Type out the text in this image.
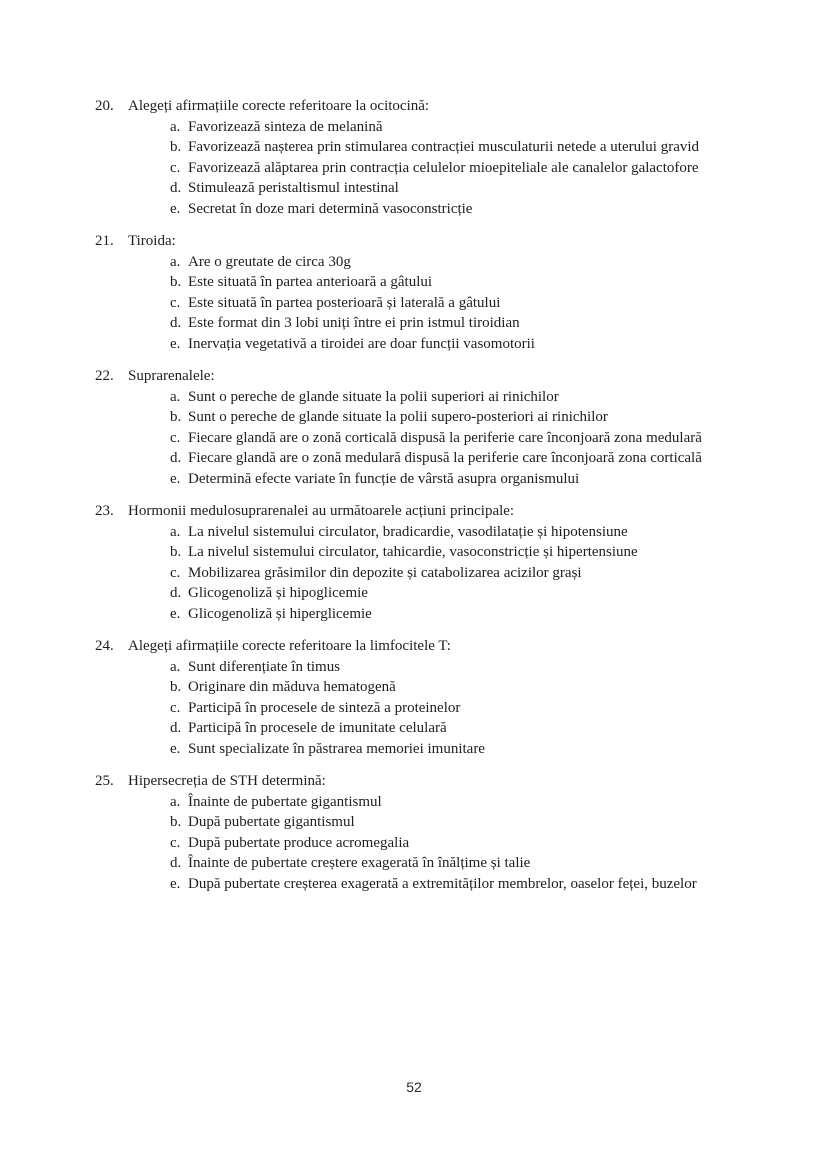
20. Alegeți afirmațiile corecte referitoare la ocitocină:
a. Favorizează sinteza de melanină
b. Favorizează nașterea prin stimularea contracției musculaturii netede a uterului gravid
c. Favorizează alăptarea prin contracția celulelor mioepiteliale ale canalelor galactofore
d. Stimulează peristaltismul intestinal
e. Secretat în doze mari determină vasoconstricție
21. Tiroida:
a. Are o greutate de circa 30g
b. Este situată în partea anterioară a gâtului
c. Este situată în partea posterioară și laterală a gâtului
d. Este format din 3 lobi uniți între ei prin istmul tiroidian
e. Inervația vegetativă a tiroidei are doar funcții vasomotorii
22. Suprarenalele:
a. Sunt o pereche de glande situate la polii superiori ai rinichilor
b. Sunt o pereche de glande situate la polii supero-posteriori ai rinichilor
c. Fiecare glandă are o zonă corticală dispusă la periferie care înconjoară zona medulară
d. Fiecare glandă are o zonă medulară dispusă la periferie care înconjoară zona corticală
e. Determină efecte variate în funcție de vârstă asupra organismului
23. Hormonii medulosuprarenalei au următoarele acțiuni principale:
a. La nivelul sistemului circulator, bradicardie, vasodilatație și hipotensiune
b. La nivelul sistemului circulator, tahicardie, vasoconstricție și hipertensiune
c. Mobilizarea grăsimilor din depozite și catabolizarea acizilor grași
d. Glicogenoliză și hipoglicemie
e. Glicogenoliză și hiperglicemie
24. Alegeți afirmațiile corecte referitoare la limfocitele T:
a. Sunt diferențiate în timus
b. Originare din măduva hematogenă
c. Participă în procesele de sinteză a proteinelor
d. Participă în procesele de imunitate celulară
e. Sunt specializate în păstrarea memoriei imunitare
25. Hipersecreția de STH determină:
a. Înainte de pubertate gigantismul
b. După pubertate gigantismul
c. După pubertate produce acromegalia
d. Înainte de pubertate creștere exagerată în înălțime și talie
e. După pubertate creșterea exagerată a extremităților membrelor, oaselor feței, buzelor
52
